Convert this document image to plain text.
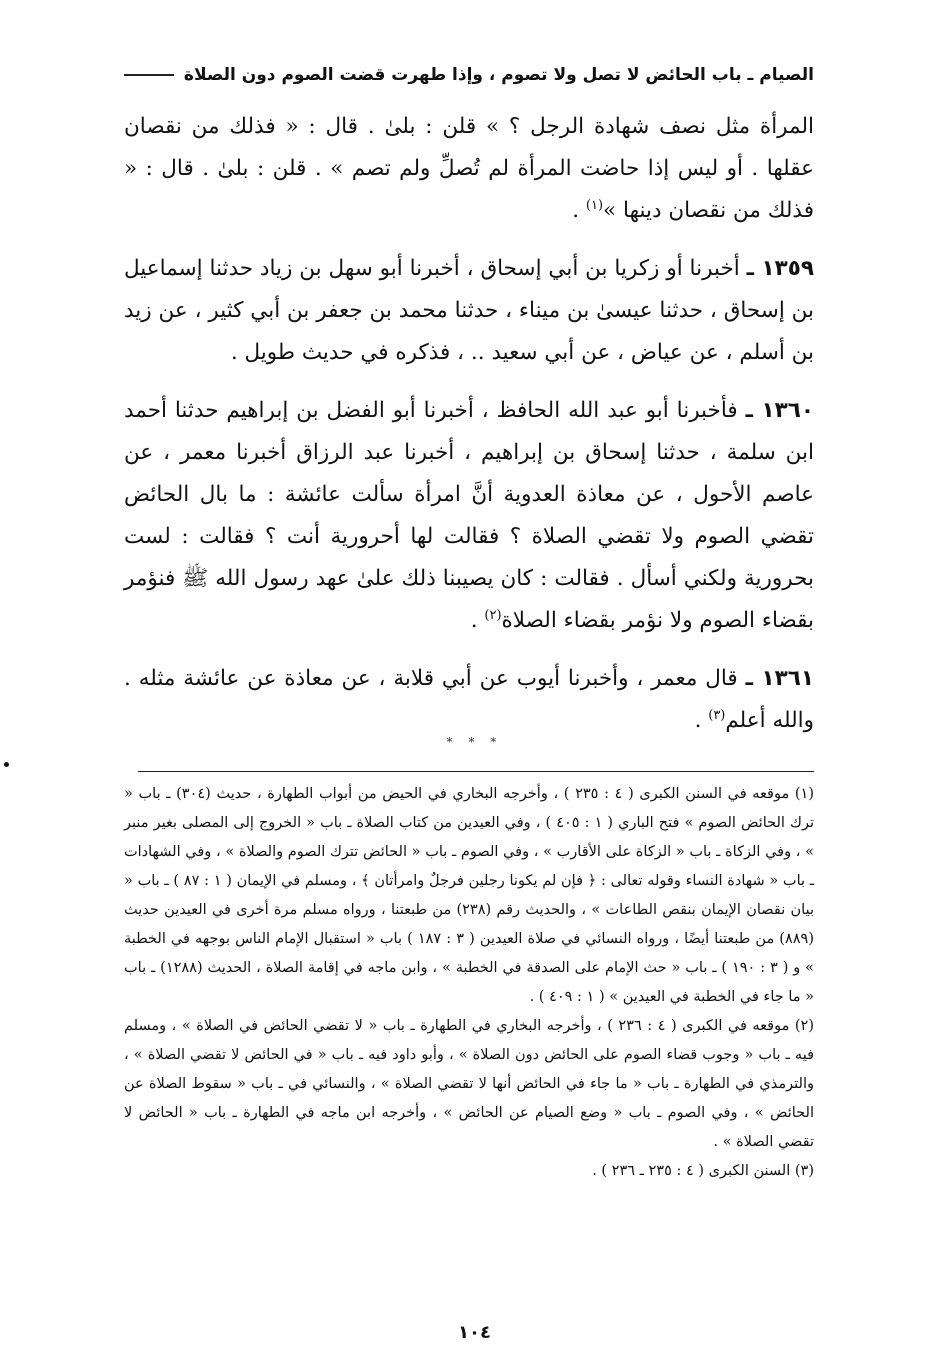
الصيام ـ باب الحائض لا تصل ولا تصوم ، وإذا طهرت قضت الصوم دون الصلاة

المرأة مثل نصف شهادة الرجل ؟ » قلن : بلىٰ . قال : « فذلك من نقصان عقلها . أو ليس إذا حاضت المرأة لم تُصلِّ ولم تصم » . قلن : بلىٰ . قال : « فذلك من نقصان دينها »$^{(١)}$ .

١٣٥٩ ـ أخبرنا أو زكريا بن أبي إسحاق ، أخبرنا أبو سهل بن زياد حدثنا إسماعيل بن إسحاق ، حدثنا عيسىٰ بن ميناء ، حدثنا محمد بن جعفر بن أبي كثير ، عن زيد بن أسلم ، عن عياض ، عن أبي سعيد .. ، فذكره في حديث طويل .

١٣٦٠ ـ فأخبرنا أبو عبد الله الحافظ ، أخبرنا أبو الفضل بن إبراهيم حدثنا أحمد ابن سلمة ، حدثنا إسحاق بن إبراهيم ، أخبرنا عبد الرزاق أخبرنا معمر ، عن عاصم الأحول ، عن معاذة العدوية أنَّ امرأة سألت عائشة : ما بال الحائض تقضي الصوم ولا تقضي الصلاة ؟ فقالت لها أحرورية أنت ؟ فقالت : لست بحرورية ولكني أسأل . فقالت : كان يصيبنا ذلك علىٰ عهد رسول الله ﷺ فنؤمر بقضاء الصوم ولا نؤمر بقضاء الصلاة$^{(٢)}$ .

١٣٦١ ـ قال معمر ، وأخبرنا أيوب عن أبي قلابة ، عن معاذة عن عائشة مثله . والله أعلم$^{(٣)}$ .

* * *

(١) موقعه في السنن الكبرى ( ٤ : ٢٣٥ ) ، وأخرجه البخاري في الحيض من أبواب الطهارة ، حديث (٣٠٤) ـ باب « ترك الحائض الصوم » فتح الباري ( ١ : ٤٠٥ ) ، وفي العيدين من كتاب الصلاة ـ باب « الخروج إلى المصلى بغير منبر » ، وفي الزكاة ـ باب « الزكاة على الأقارب » ، وفي الصوم ـ باب « الحائض تترك الصوم والصلاة » ، وفي الشهادات ـ باب « شهادة النساء وقوله تعالى : ﴿ فإن لم يكونا رجلين فرجلٌ وامرأتان ﴾ ، ومسلم في الإيمان ( ١ : ٨٧ ) ـ باب « بيان نقصان الإيمان بنقص الطاعات » ، والحديث رقم (٢٣٨) من طبعتنا ، ورواه مسلم مرة أخرى في العيدين حديث (٨٨٩) من طبعتنا أيضًا ، ورواه النسائي في صلاة العيدين ( ٣ : ١٨٧ ) باب « استقبال الإمام الناس بوجهه في الخطبة » و ( ٣ : ١٩٠ ) ـ باب « حث الإمام على الصدقة في الخطبة » ، وابن ماجه في إقامة الصلاة ، الحديث (١٢٨٨) ـ باب « ما جاء في الخطبة في العيدين » ( ١ : ٤٠٩ ) .

(٢) موقعه في الكبرى ( ٤ : ٢٣٦ ) ، وأخرجه البخاري في الطهارة ـ باب « لا تقضي الحائض في الصلاة » ، ومسلم فيه ـ باب « وجوب قضاء الصوم على الحائض دون الصلاة » ، وأبو داود فيه ـ باب « في الحائض لا تقضي الصلاة » ، والترمذي في الطهارة ـ باب « ما جاء في الحائض أنها لا تقضي الصلاة » ، والنسائي في ـ باب « سقوط الصلاة عن الحائض » ، وفي الصوم ـ باب « وضع الصيام عن الحائض » ، وأخرجه ابن ماجه في الطهارة ـ باب « الحائض لا تقضي الصلاة » .

(٣) السنن الكبرى ( ٤ : ٢٣٥ ـ ٢٣٦ ) .

١٠٤
